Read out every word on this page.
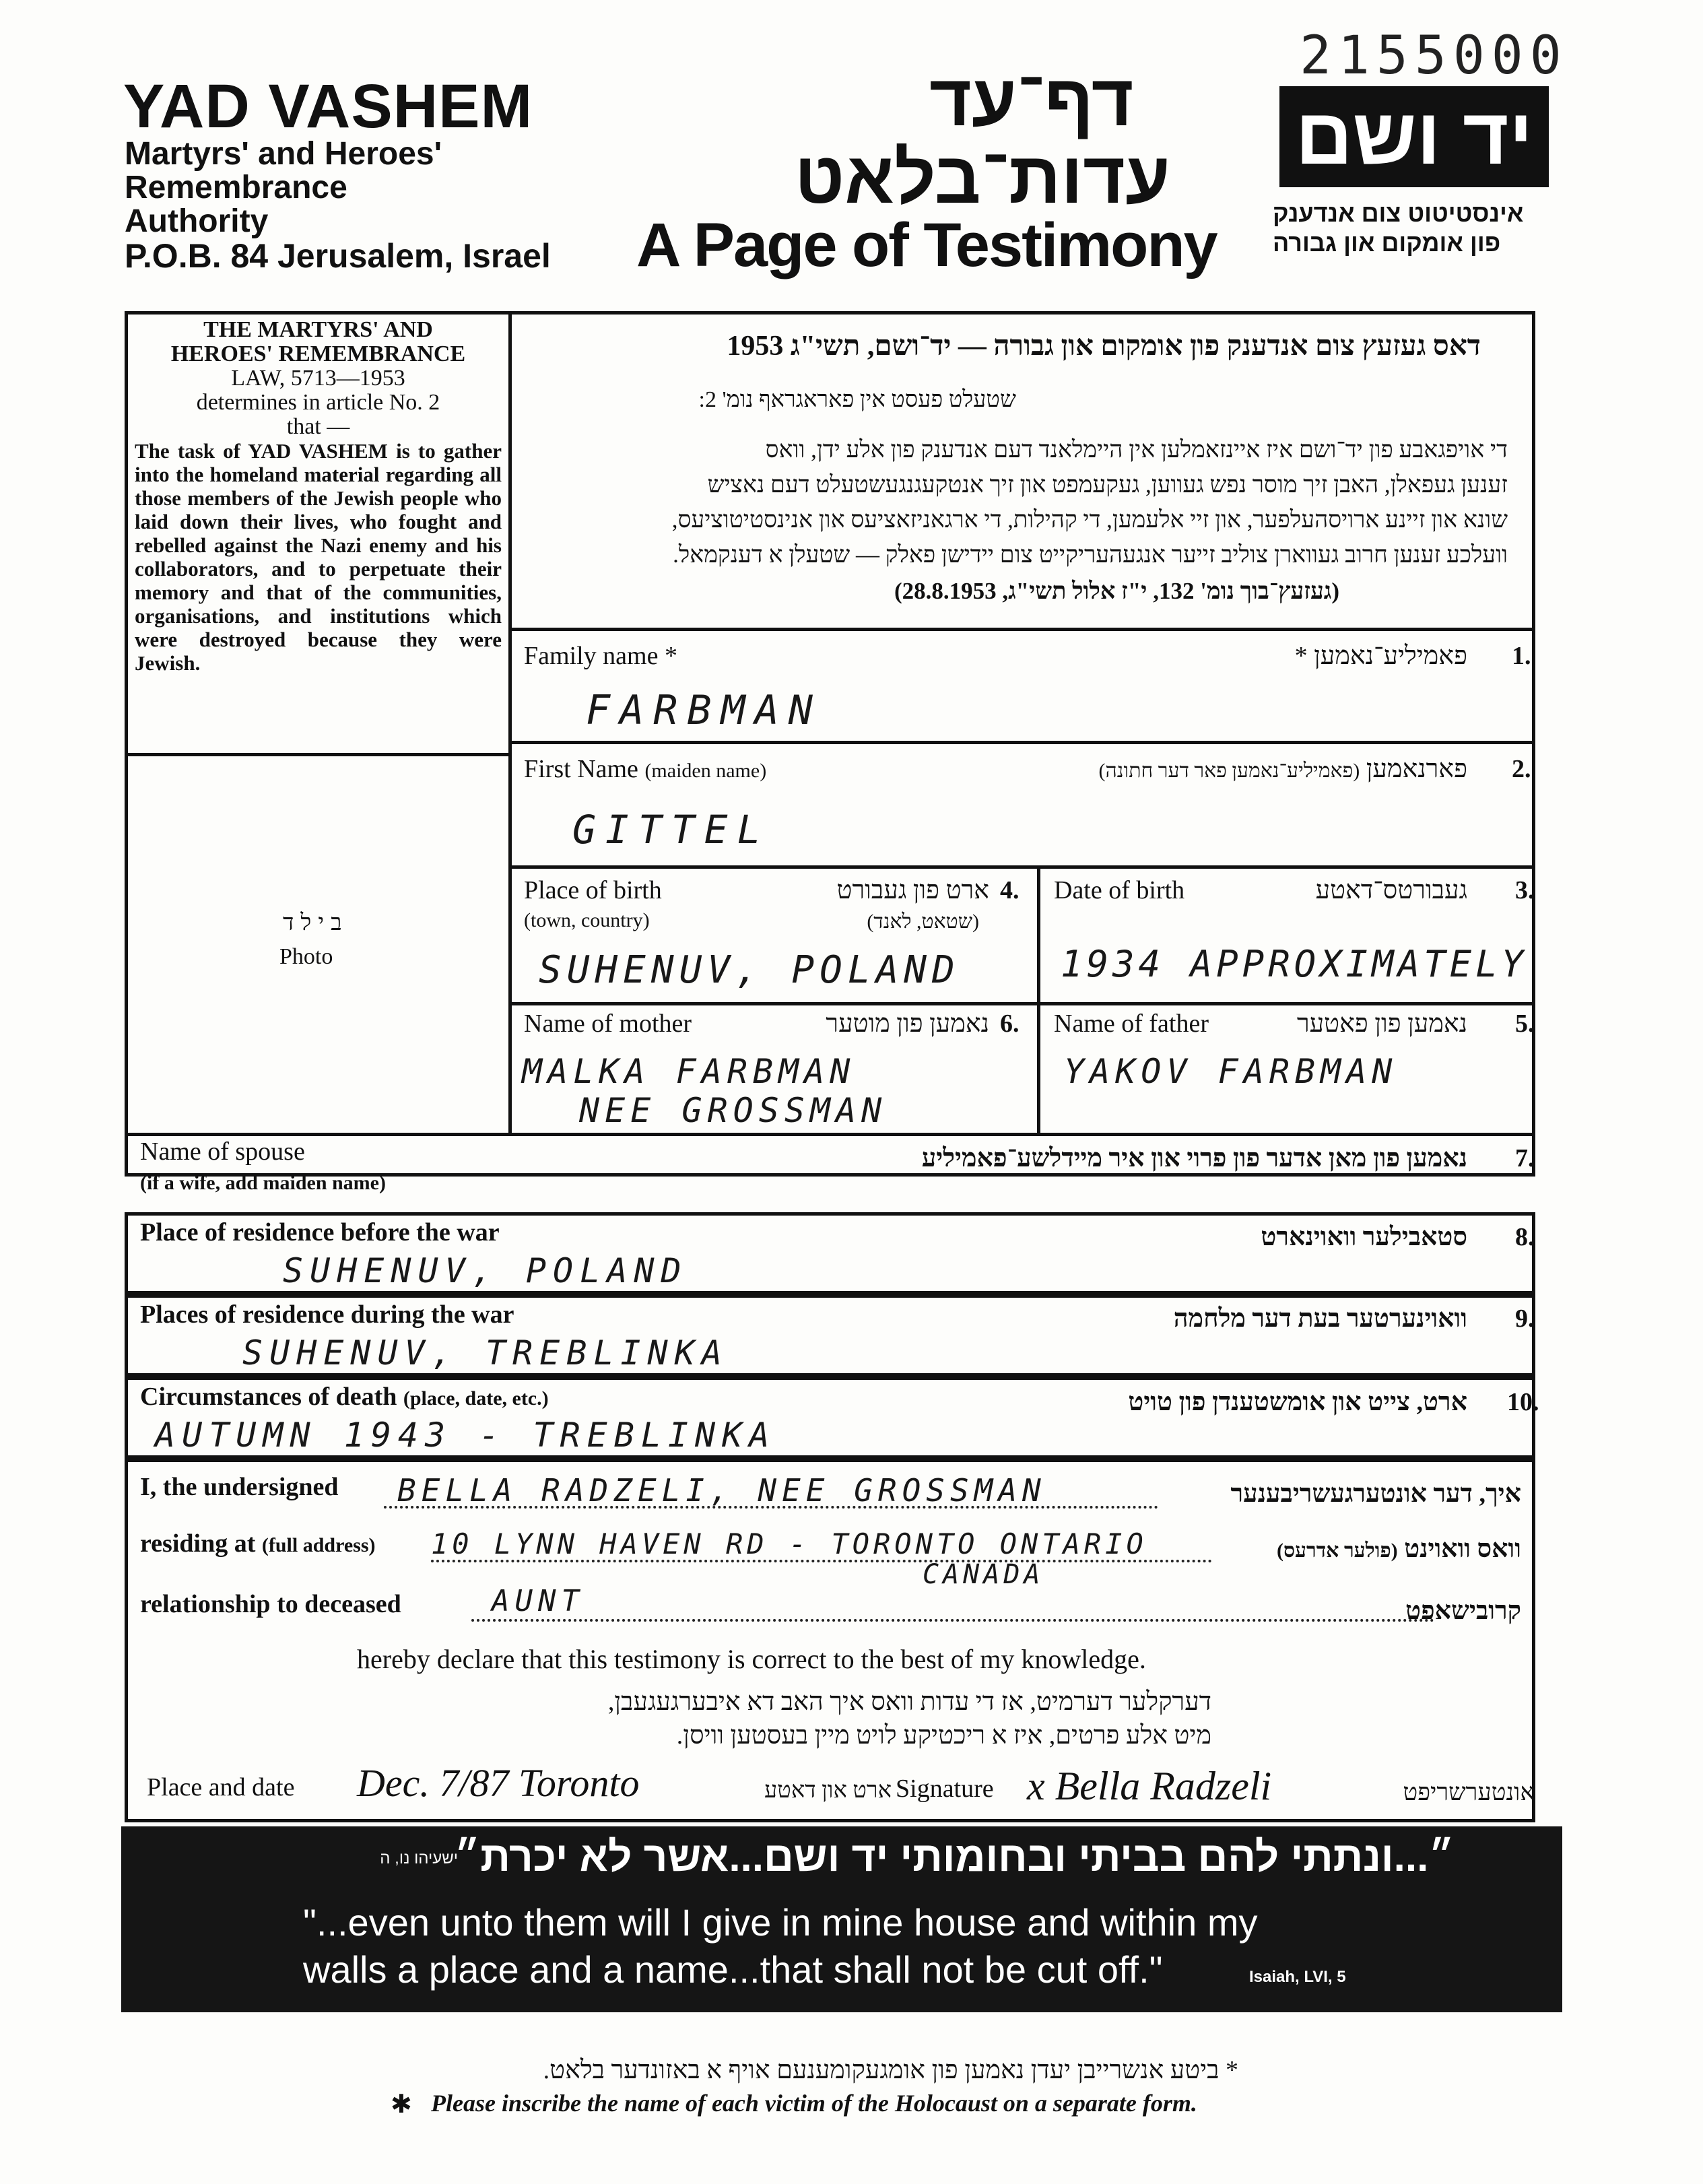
2155000
YAD VASHEM
Martyrs' and Heroes'
Remembrance
Authority
P.O.B. 84 Jerusalem, Israel
דף־עד
עדות־בלאט
A Page of Testimony
יד ושם
אינסטיטוט צום אנדענק
פון אומקום און גבורה
THE MARTYRS' AND
HEROES' REMEMBRANCE
LAW, 5713—1953
determines in article No. 2
that —
The task of YAD VASHEM is to gather into the homeland material regarding all those members of the Jewish people who laid down their lives, who fought and rebelled against the Nazi enemy and his collaborators, and to perpetuate their memory and that of the communities, organisations, and institutions which were destroyed because they were Jewish.
בילד
Photo
דאס געזעץ צום אנדענק פון אומקום און גבורה — יד־ושם, תשי"ג 1953
שטעלט פעסט אין פאראגראף נומ' 2:
די אויפגאבע פון יד־ושם איז איינזאמלען אין היימלאנד דעם אנדענק פון אלע ידן, וואס
זענען געפאלן, האבן זיך מוסר נפש געווען, געקעמפט און זיך אנטקעגנגעשטעלט דעם נאציש
שונא און זיינע ארויסהעלפער, און זיי אלעמען, די קהילות, די ארגאניזאציעס און אנינסטיטוציעס,
וועלכע זענען חרוב געווארן צוליב זייער אנגעהעריקייט צום יידישן פאלק — שטעלן א דענקמאל.
(געזעץ־בוך נומ' 132, י"ז אלול תשי"ג, 28.8.1953)
Family name *	פאמיליע־נאמען * 1.
FARBMAN
First Name (maiden name)	פארנאמען (פאמיליע־נאמען פאר דער חתונה)	2.
GITTEL
Place of birth
(town, country)
ארט פון געבורט
(שטאט, לאנד)
4.
SUHENUV, POLAND
Date of birth	געבורטס־דאטע 3.
1934 APPROXIMATELY
Name of mother	נאמען פון מוטער 6.
MALKA FARBMAN
NEE GROSSMAN
Name of father	נאמען פון פאטער 5.
YAKOV FARBMAN
Name of spouse
(if a wife, add maiden name)
נאמען פון מאן אדער פון פרוי און איר מיידלשע־פאמיליע 7.
Place of residence before the war	סטאבילער וואוינארט 8.
SUHENUV, POLAND
Places of residence during the war	וואוינערטער בעת דער מלחמה 9.
SUHENUV, TREBLINKA
Circumstances of death (place, date, etc.)	ארט, צייט און אומשטענדן פון טויט 10.
AUTUMN 1943 - TREBLINKA
I, the undersigned BELLA RADZELI, NEE GROSSMAN	איך, דער אונטערגעשריבענער
residing at (full address) 10 LYNN HAVEN RD - TORONTO ONTARIO
CANADA
וואס וואוינט (פולער אדרעס)
relationship to deceased	AUNT	קרובישאפט
hereby declare that this testimony is correct to the best of my knowledge.
דערקלער דערמיט, אז די עדות וואס איך האב דא איבערגעגעבן,
מיט אלע פרטים, איז א ריכטיקע לויט מיין בעסטען וויסן.
Place and date Dec. 7/87 Toronto	ארט און דאטע Signature x Bella Radzeli	אונטערשריפט
״...ונתתי להם בביתי ובחומותי יד ושם...אשר לא יכרת״
ישעיהו נו, ה
"...even unto them will I give in mine house and within my
walls a place and a name...that shall not be cut off."	Isaiah, LVI, 5
* ביטע אנשרייבן יעדן נאמען פון אומגעקומענעם אויף א באזונדער בלאט.
✱ Please inscribe the name of each victim of the Holocaust on a separate form.
